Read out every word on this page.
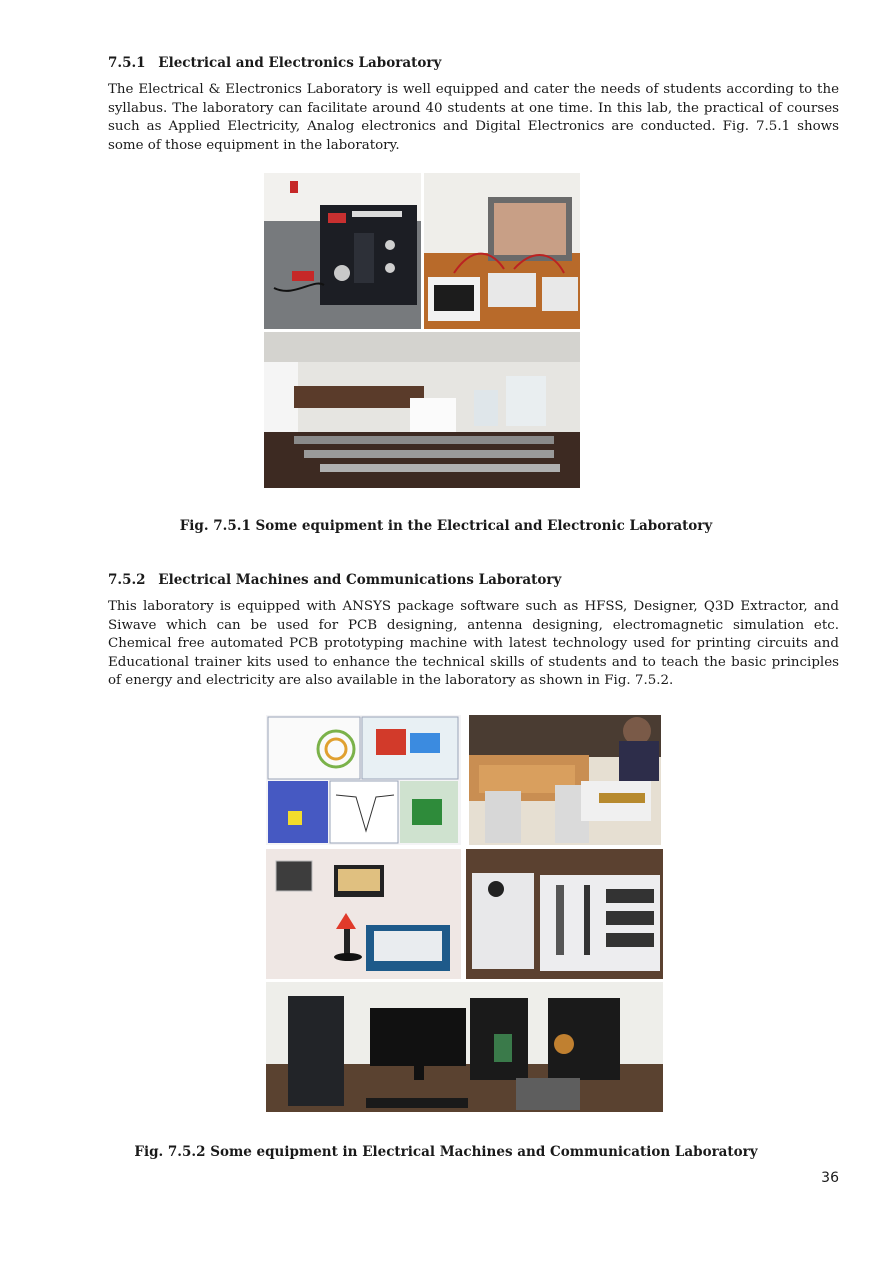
7.5.1 Electrical and Electronics Laboratory

The Electrical & Electronics Laboratory is well equipped and cater the needs of students according to the syllabus. The laboratory can facilitate around 40 students at one time. In this lab, the practical of courses such as Applied Electricity, Analog electronics and Digital Electronics are conducted. Fig. 7.5.1 shows some of those equipment in the laboratory.

Fig. 7.5.1 Some equipment in the Electrical and Electronic Laboratory
7.5.2 Electrical Machines and Communications Laboratory

This laboratory is equipped with ANSYS package software such as HFSS, Designer, Q3D Extractor, and Siwave which can be used for PCB designing, antenna designing, electromagnetic simulation etc. Chemical free automated PCB prototyping machine with latest technology used for printing circuits and Educational trainer kits used to enhance the technical skills of students and to teach the basic principles of energy and electricity are also available in the laboratory as shown in Fig. 7.5.2.

Fig. 7.5.2 Some equipment in Electrical Machines and Communication Laboratory
36
